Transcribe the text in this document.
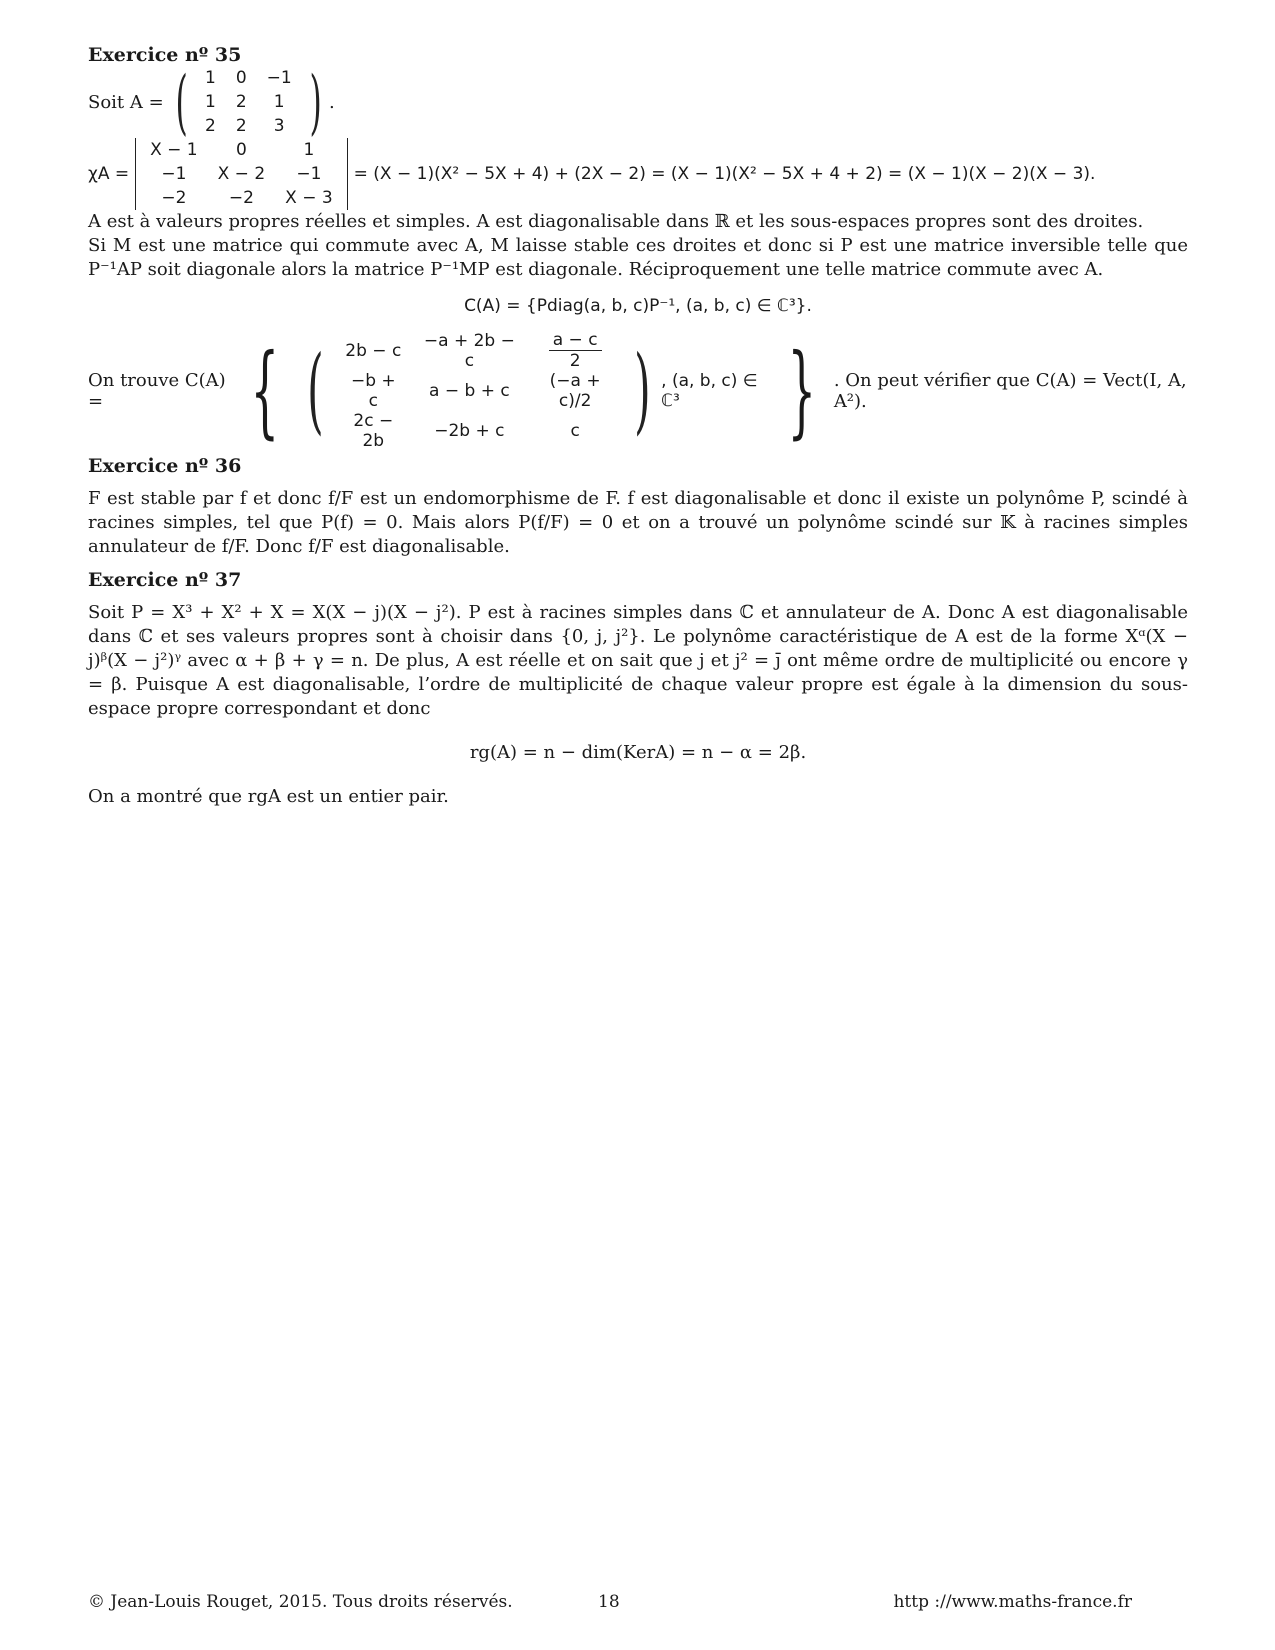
Exercice nº 35

Soit A = ( 1	0	−1
1	2	1
2	2	3 ) .
χA =
X − 1	0	1
−1	X − 2	−1
−2	−2	X − 3
= (X − 1)(X² − 5X + 4) + (2X − 2) = (X − 1)(X² − 5X + 4 + 2) = (X − 1)(X − 2)(X − 3).

A est à valeurs propres réelles et simples. A est diagonalisable dans ℝ et les sous-espaces propres sont des droites.

Si M est une matrice qui commute avec A, M laisse stable ces droites et donc si P est une matrice inversible telle que P⁻¹AP soit diagonale alors la matrice P⁻¹MP est diagonale. Réciproquement une telle matrice commute avec A.

C(A) = {Pdiag(a, b, c)P⁻¹, (a, b, c) ∈ ℂ³}.

On trouve C(A) =	{ ( 2b − c	−a + 2b − c	$\frac{a - c}{2}$

−b + c	a − b + c	(−a + c)/2
2c − 2b	−2b + c	c ) , (a, b, c) ∈ ℂ³	} . On peut vérifier que C(A) = Vect(I, A, A²).

Exercice nº 36

F est stable par f et donc f/F est un endomorphisme de F. f est diagonalisable et donc il existe un polynôme P, scindé à racines simples, tel que P(f) = 0. Mais alors P(f/F) = 0 et on a trouvé un polynôme scindé sur 𝕂 à racines simples annulateur de f/F. Donc f/F est diagonalisable.

Exercice nº 37

Soit P = X³ + X² + X = X(X − j)(X − j²). P est à racines simples dans ℂ et annulateur de A. Donc A est diagonalisable dans ℂ et ses valeurs propres sont à choisir dans {0, j, j²}. Le polynôme caractéristique de A est de la forme Xᵅ(X − j)ᵝ(X − j²)ᵞ avec α + β + γ = n. De plus, A est réelle et on sait que j et j² = j̄ ont même ordre de multiplicité ou encore γ = β. Puisque A est diagonalisable, l’ordre de multiplicité de chaque valeur propre est égale à la dimension du sous-espace propre correspondant et donc

rg(A) = n − dim(KerA) = n − α = 2β.

On a montré que rgA est un entier pair.

© Jean-Louis Rouget, 2015. Tous droits réservés.	18	http ://www.maths-france.fr
